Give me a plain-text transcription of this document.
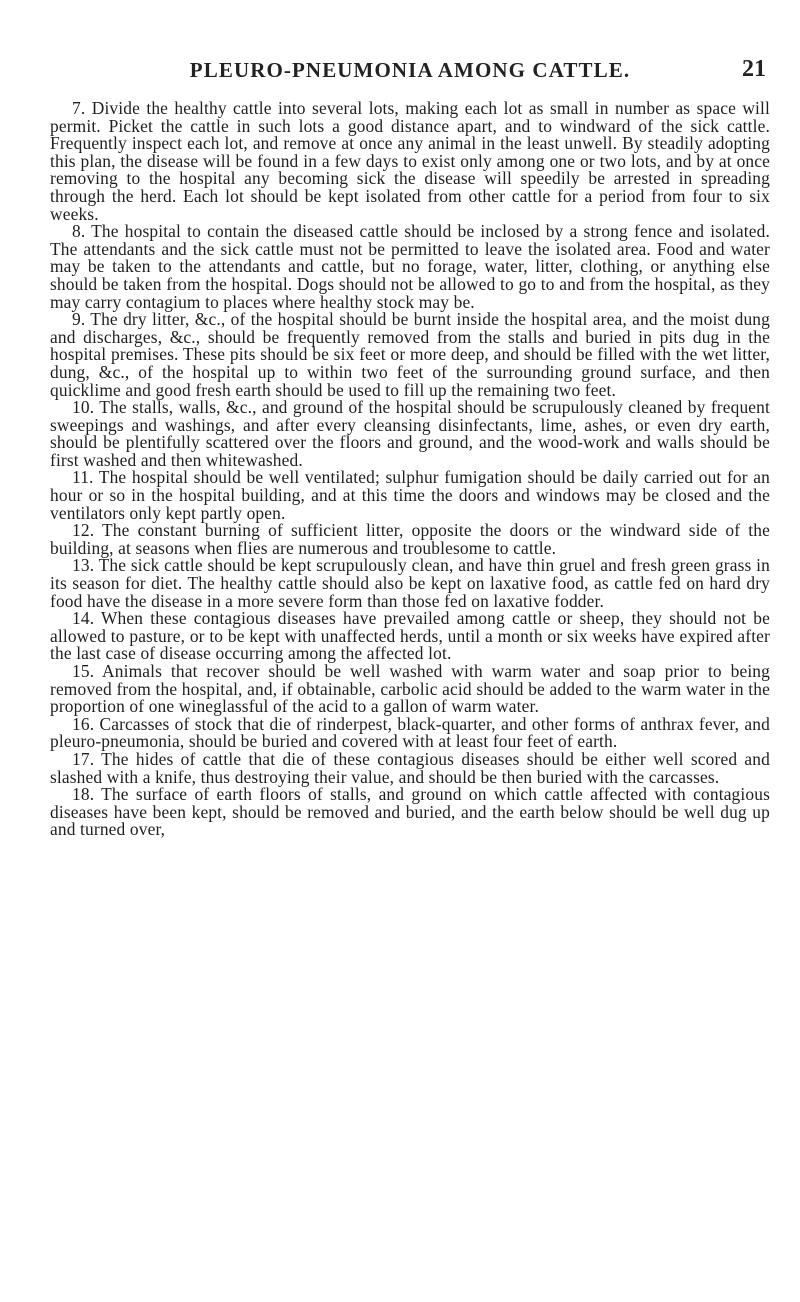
PLEURO-PNEUMONIA AMONG CATTLE.	21

7. Divide the healthy cattle into several lots, making each lot as small in number as space will permit. Picket the cattle in such lots a good distance apart, and to windward of the sick cattle. Frequently inspect each lot, and remove at once any animal in the least unwell. By steadily adopting this plan, the disease will be found in a few days to exist only among one or two lots, and by at once removing to the hospital any becoming sick the disease will speedily be arrested in spreading through the herd. Each lot should be kept isolated from other cattle for a period from four to six weeks.

8. The hospital to contain the diseased cattle should be inclosed by a strong fence and isolated. The attendants and the sick cattle must not be permitted to leave the isolated area. Food and water may be taken to the attendants and cattle, but no forage, water, litter, clothing, or anything else should be taken from the hospital. Dogs should not be allowed to go to and from the hospital, as they may carry contagium to places where healthy stock may be.

9. The dry litter, &c., of the hospital should be burnt inside the hospital area, and the moist dung and discharges, &c., should be frequently removed from the stalls and buried in pits dug in the hospital premises. These pits should be six feet or more deep, and should be filled with the wet litter, dung, &c., of the hospital up to within two feet of the surrounding ground surface, and then quicklime and good fresh earth should be used to fill up the remaining two feet.

10. The stalls, walls, &c., and ground of the hospital should be scrupulously cleaned by frequent sweepings and washings, and after every cleansing disinfectants, lime, ashes, or even dry earth, should be plentifully scattered over the floors and ground, and the wood-work and walls should be first washed and then whitewashed.

11. The hospital should be well ventilated; sulphur fumigation should be daily carried out for an hour or so in the hospital building, and at this time the doors and windows may be closed and the ventilators only kept partly open.

12. The constant burning of sufficient litter, opposite the doors or the windward side of the building, at seasons when flies are numerous and troublesome to cattle.

13. The sick cattle should be kept scrupulously clean, and have thin gruel and fresh green grass in its season for diet. The healthy cattle should also be kept on laxative food, as cattle fed on hard dry food have the disease in a more severe form than those fed on laxative fodder.

14. When these contagious diseases have prevailed among cattle or sheep, they should not be allowed to pasture, or to be kept with unaffected herds, until a month or six weeks have expired after the last case of disease occurring among the affected lot.

15. Animals that recover should be well washed with warm water and soap prior to being removed from the hospital, and, if obtainable, carbolic acid should be added to the warm water in the proportion of one wineglassful of the acid to a gallon of warm water.

16. Carcasses of stock that die of rinderpest, black-quarter, and other forms of anthrax fever, and pleuro-pneumonia, should be buried and covered with at least four feet of earth.

17. The hides of cattle that die of these contagious diseases should be either well scored and slashed with a knife, thus destroying their value, and should be then buried with the carcasses.

18. The surface of earth floors of stalls, and ground on which cattle affected with contagious diseases have been kept, should be removed and buried, and the earth below should be well dug up and turned over,
